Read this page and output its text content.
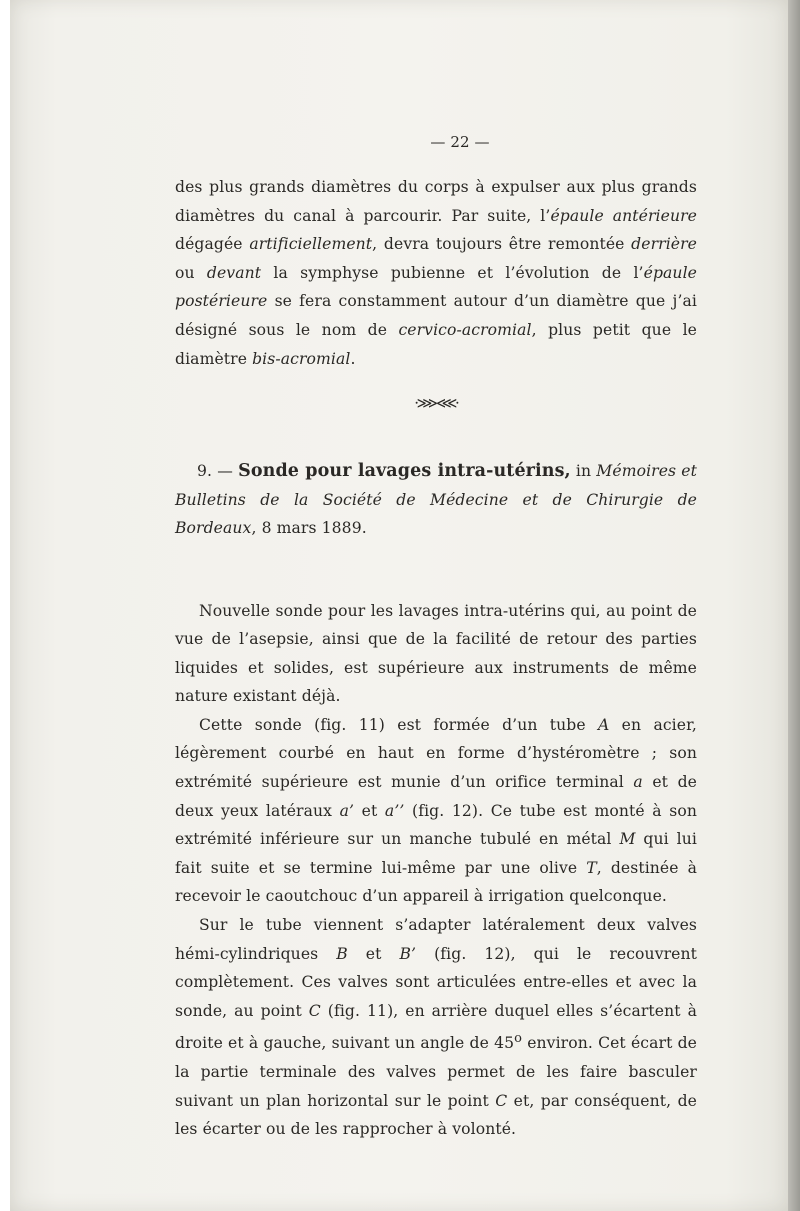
— 22 —

des plus grands diamètres du corps à expulser aux plus grands diamètres du canal à parcourir. Par suite, l’épaule antérieure dégagée artificiellement, devra toujours être remontée derrière ou devant la symphyse pubienne et l’évolution de l’épaule postérieure se fera constamment autour d’un diamètre que j’ai désigné sous le nom de cervico-acromial, plus petit que le diamètre bis-acromial.

⸱⋙⋘⸱

9. — Sonde pour lavages intra-utérins, in Mémoires et Bulletins de la Société de Médecine et de Chirurgie de Bordeaux, 8 mars 1889.

Nouvelle sonde pour les lavages intra-utérins qui, au point de vue de l’asepsie, ainsi que de la facilité de retour des parties liquides et solides, est supérieure aux instruments de même nature existant déjà.

Cette sonde (fig. 11) est formée d’un tube A en acier, légèrement courbé en haut en forme d’hystéromètre ; son extrémité supérieure est munie d’un orifice terminal a et de deux yeux latéraux a’ et a’’ (fig. 12). Ce tube est monté à son extrémité inférieure sur un manche tubulé en métal M qui lui fait suite et se termine lui-même par une olive T, destinée à recevoir le caoutchouc d’un appareil à irrigation quelconque.

Sur le tube viennent s’adapter latéralement deux valves hémi-cylindriques B et B’ (fig. 12), qui le recouvrent complètement. Ces valves sont articulées entre-elles et avec la sonde, au point C (fig. 11), en arrière duquel elles s’écartent à droite et à gauche, suivant un angle de 45$^o$ environ. Cet écart de la partie terminale des valves permet de les faire basculer suivant un plan horizontal sur le point C et, par conséquent, de les écarter ou de les rapprocher à volonté.
